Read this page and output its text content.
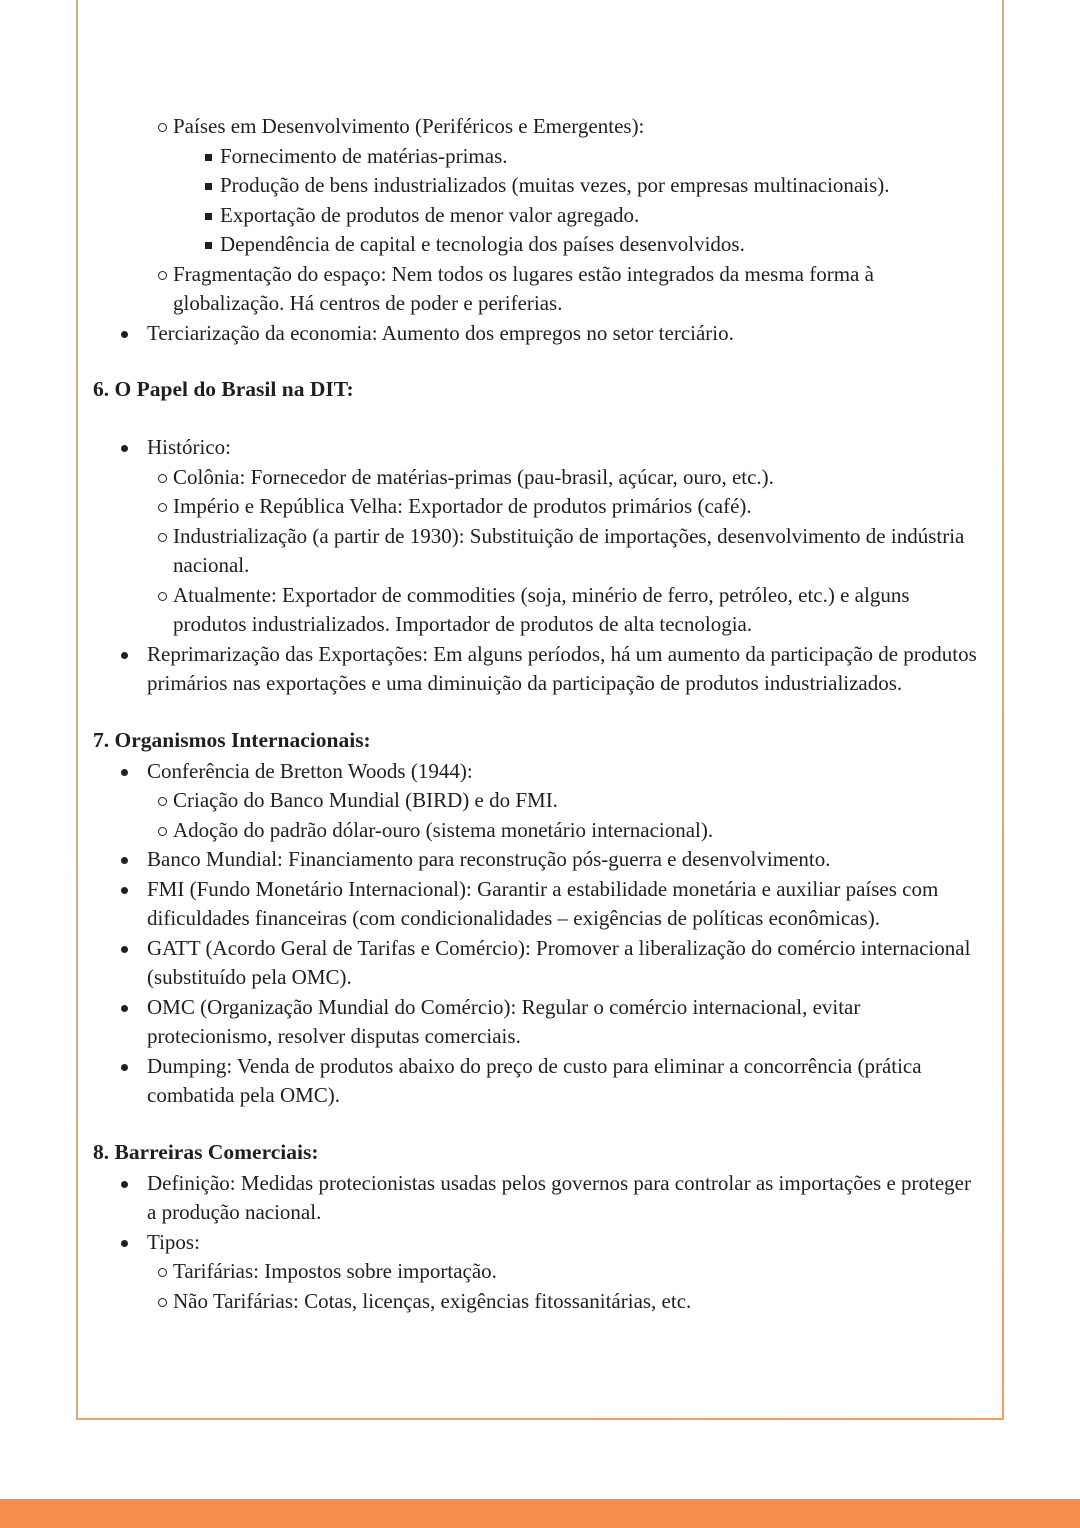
Países em Desenvolvimento (Periféricos e Emergentes):
Fornecimento de matérias-primas.
Produção de bens industrializados (muitas vezes, por empresas multinacionais).
Exportação de produtos de menor valor agregado.
Dependência de capital e tecnologia dos países desenvolvidos.
Fragmentação do espaço: Nem todos os lugares estão integrados da mesma forma à globalização. Há centros de poder e periferias.
Terciarização da economia: Aumento dos empregos no setor terciário.
6. O Papel do Brasil na DIT:
Histórico:
Colônia: Fornecedor de matérias-primas (pau-brasil, açúcar, ouro, etc.).
Império e República Velha: Exportador de produtos primários (café).
Industrialização (a partir de 1930): Substituição de importações, desenvolvimento de indústria nacional.
Atualmente: Exportador de commodities (soja, minério de ferro, petróleo, etc.) e alguns produtos industrializados. Importador de produtos de alta tecnologia.
Reprimarização das Exportações: Em alguns períodos, há um aumento da participação de produtos primários nas exportações e uma diminuição da participação de produtos industrializados.
7. Organismos Internacionais:
Conferência de Bretton Woods (1944):
Criação do Banco Mundial (BIRD) e do FMI.
Adoção do padrão dólar-ouro (sistema monetário internacional).
Banco Mundial: Financiamento para reconstrução pós-guerra e desenvolvimento.
FMI (Fundo Monetário Internacional): Garantir a estabilidade monetária e auxiliar países com dificuldades financeiras (com condicionalidades – exigências de políticas econômicas).
GATT (Acordo Geral de Tarifas e Comércio): Promover a liberalização do comércio internacional (substituído pela OMC).
OMC (Organização Mundial do Comércio): Regular o comércio internacional, evitar protecionismo, resolver disputas comerciais.
Dumping: Venda de produtos abaixo do preço de custo para eliminar a concorrência (prática combatida pela OMC).
8. Barreiras Comerciais:
Definição: Medidas protecionistas usadas pelos governos para controlar as importações e proteger a produção nacional.
Tipos:
Tarifárias: Impostos sobre importação.
Não Tarifárias: Cotas, licenças, exigências fitossanitárias, etc.
